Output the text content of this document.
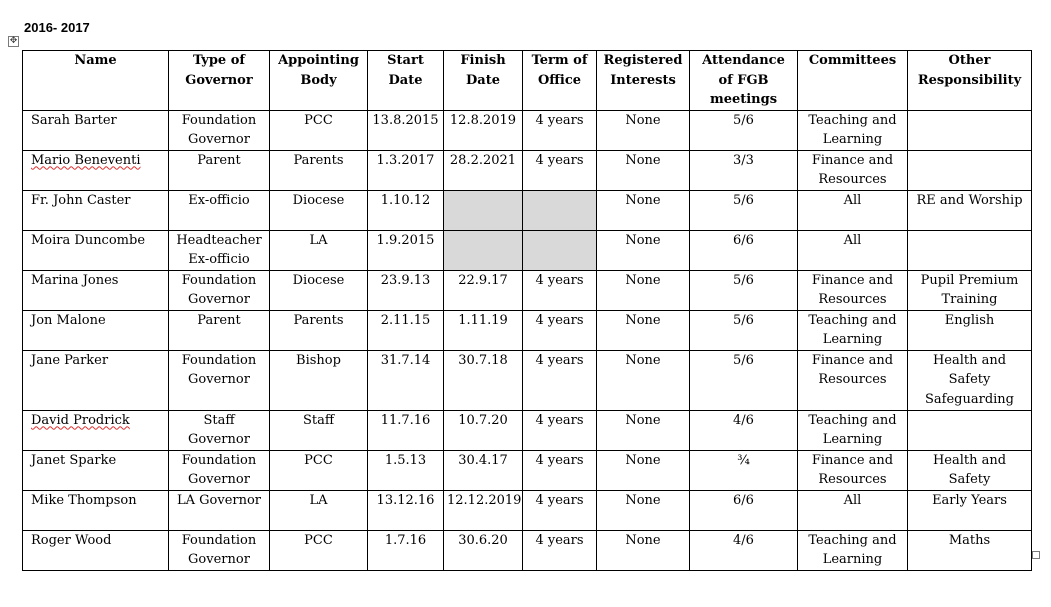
2016- 2017
✥
Name	Type of Governor	Appointing Body	Start Date	Finish Date	Term of Office	Registered Interests	Attendance of FGB meetings	Committees	Other Responsibility
Sarah Barter	Foundation Governor	PCC	13.8.2015	12.8.2019	4 years	None	5/6	Teaching and Learning	
Mario Beneventi	Parent	Parents	1.3.2017	28.2.2021	4 years	None	3/3	Finance and Resources	
Fr. John Caster	Ex-officio	Diocese	1.10.12			None	5/6	All	RE and Worship
Moira Duncombe	Headteacher Ex-officio	LA	1.9.2015			None	6/6	All	
Marina Jones	Foundation Governor	Diocese	23.9.13	22.9.17	4 years	None	5/6	Finance and Resources	Pupil Premium Training
Jon Malone	Parent	Parents	2.11.15	1.11.19	4 years	None	5/6	Teaching and Learning	English
Jane Parker	Foundation Governor	Bishop	31.7.14	30.7.18	4 years	None	5/6	Finance and Resources	Health and Safety Safeguarding
David Prodrick	Staff Governor	Staff	11.7.16	10.7.20	4 years	None	4/6	Teaching and Learning	
Janet Sparke	Foundation Governor	PCC	1.5.13	30.4.17	4 years	None	¾	Finance and Resources	Health and Safety
Mike Thompson	LA Governor	LA	13.12.16	12.12.2019	4 years	None	6/6	All	Early Years
Roger Wood	Foundation Governor	PCC	1.7.16	30.6.20	4 years	None	4/6	Teaching and Learning	Maths
